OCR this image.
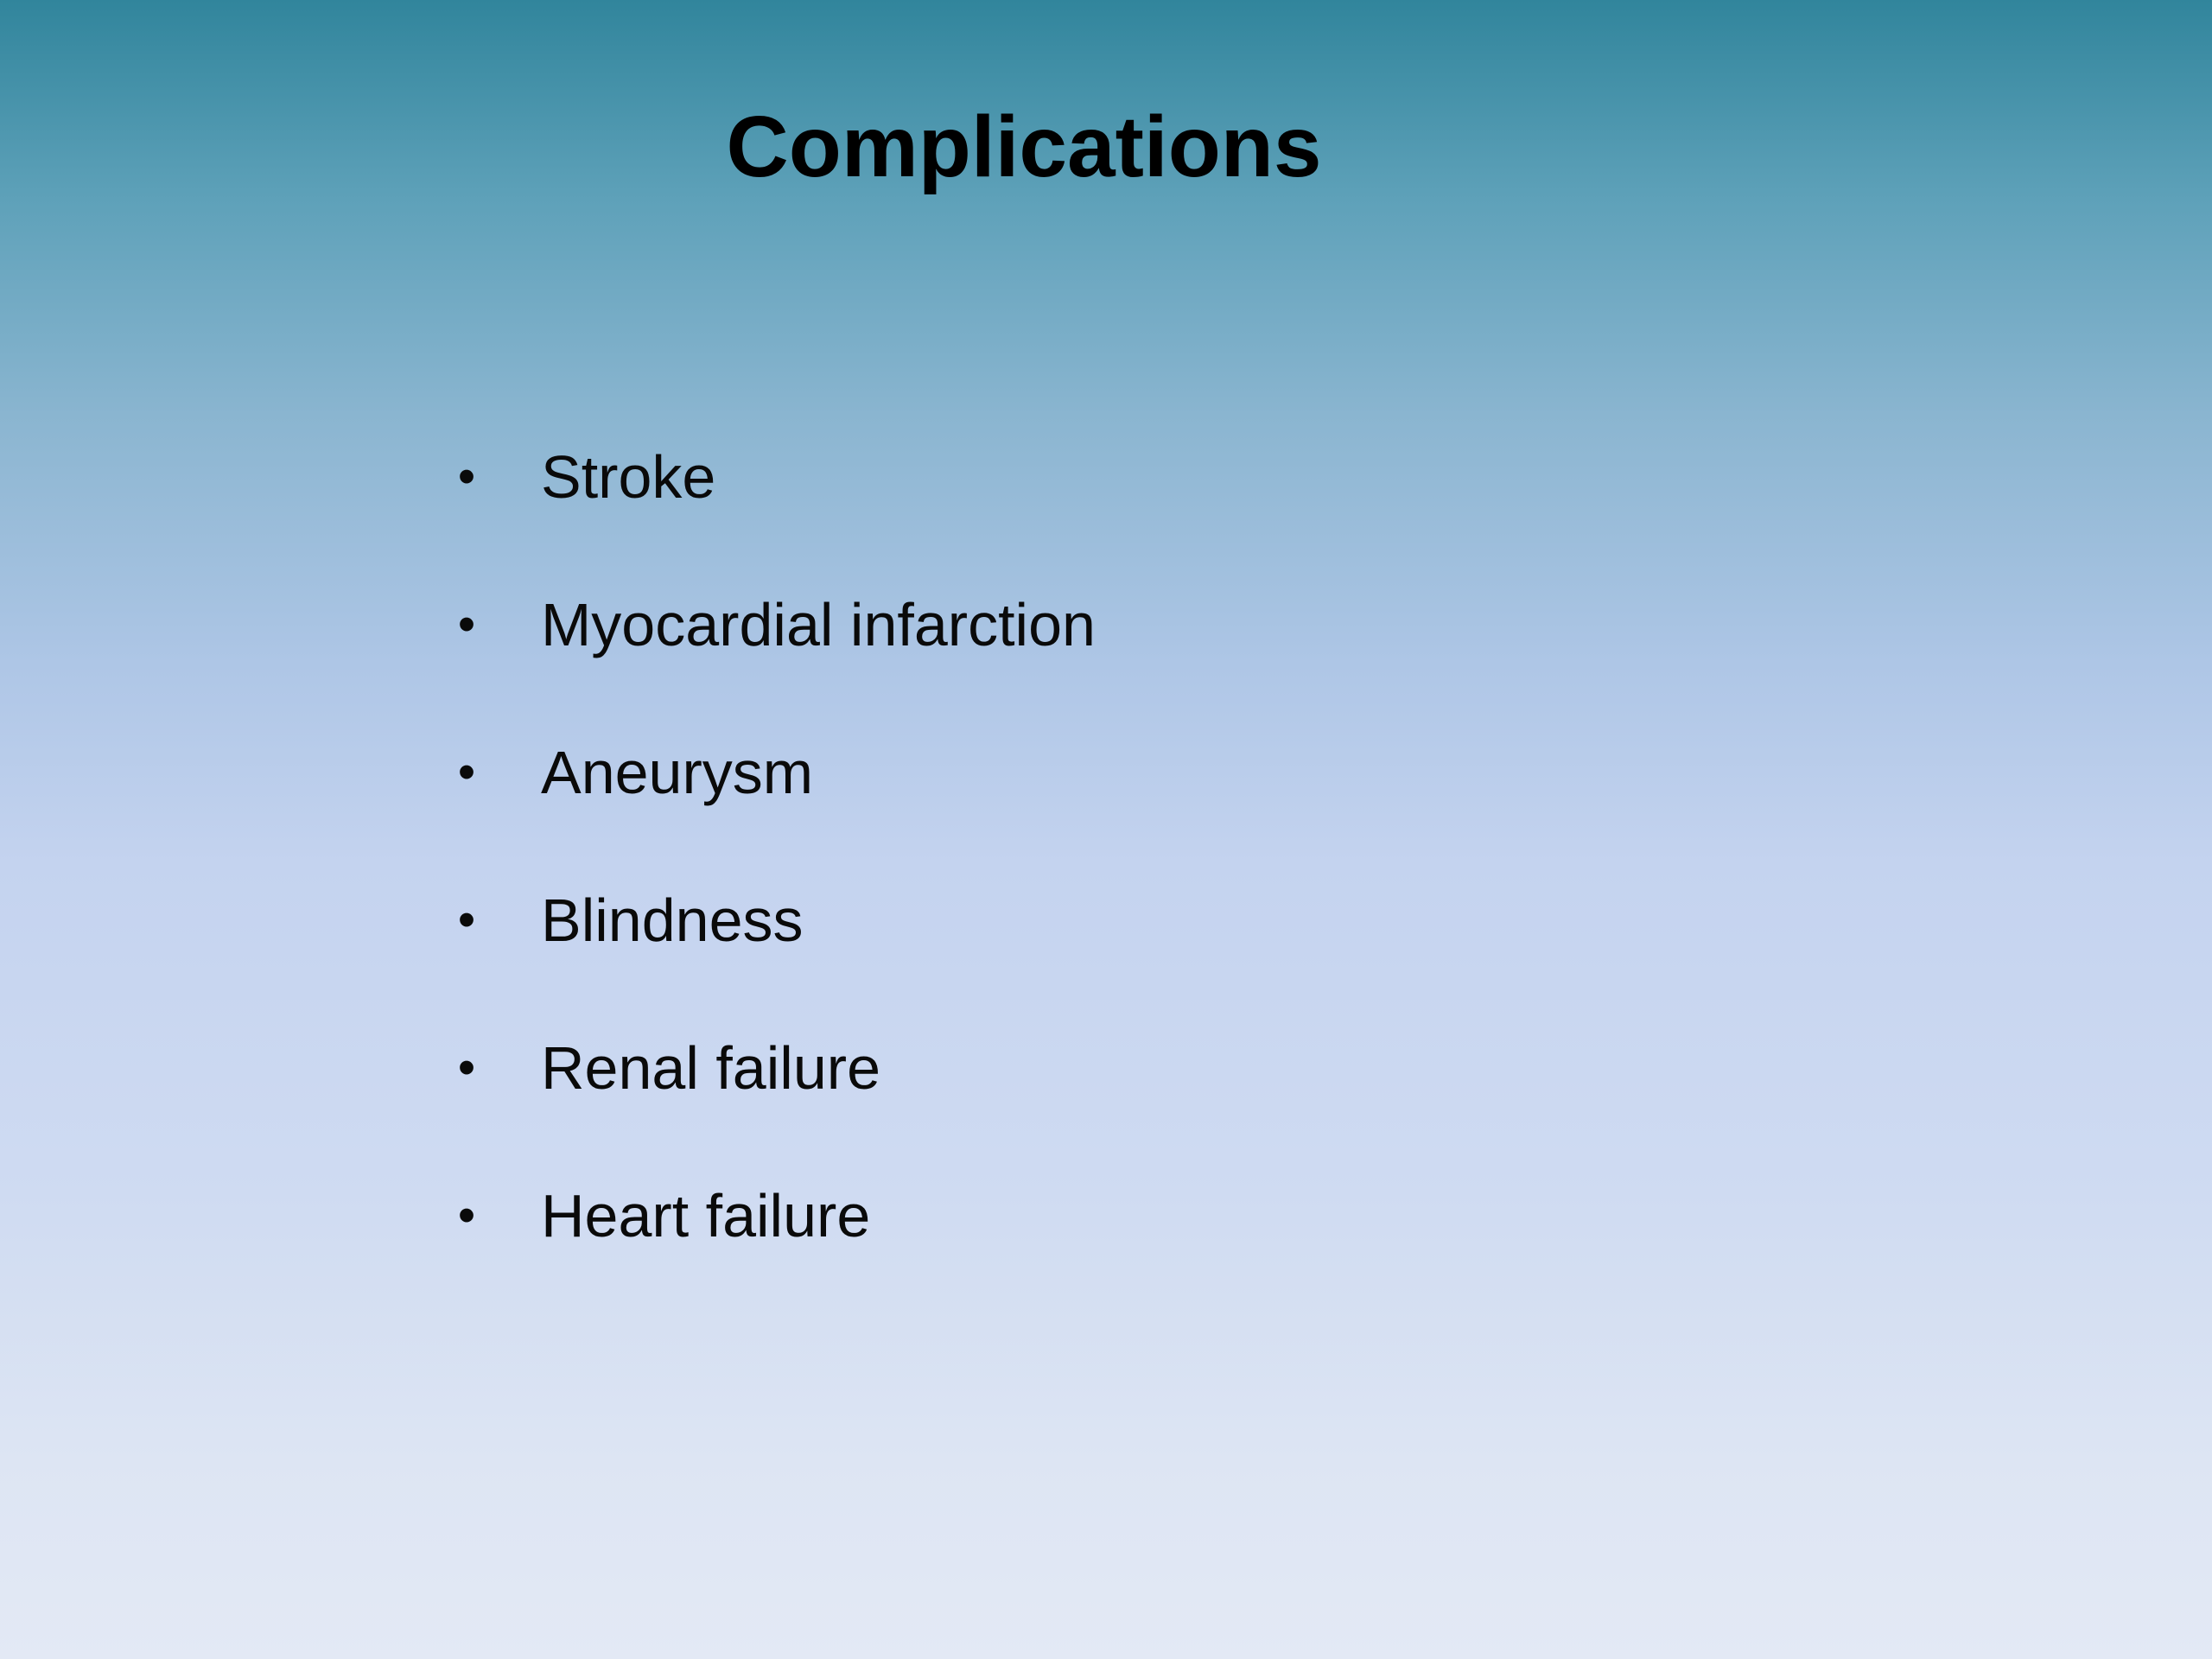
Complications
• Stroke
• Myocardial infarction
• Aneurysm
• Blindness
• Renal failure
• Heart failure
